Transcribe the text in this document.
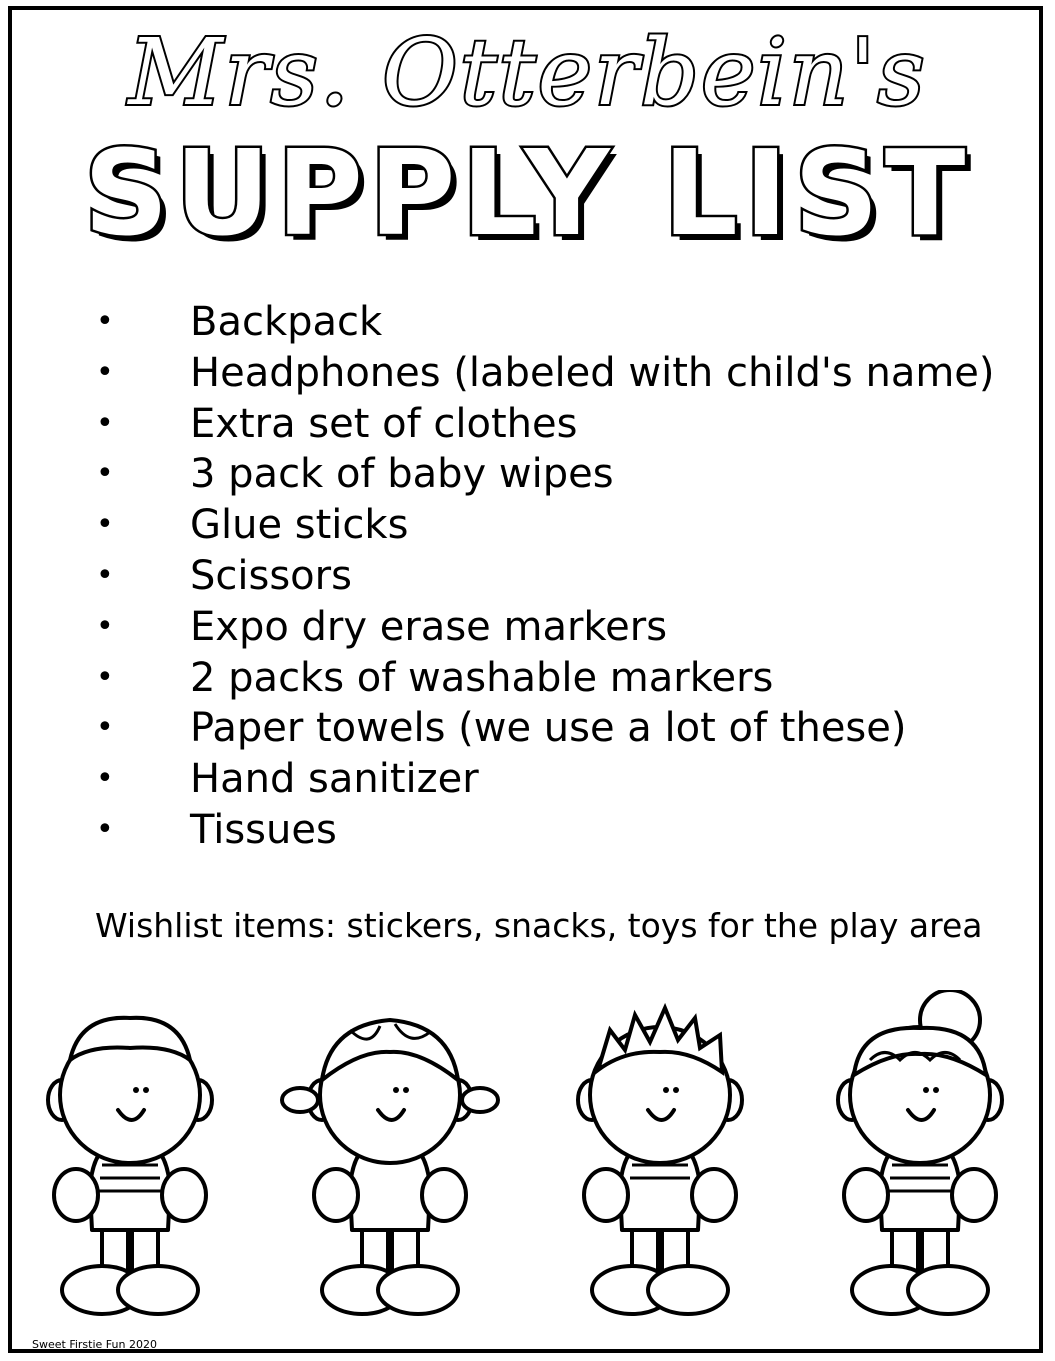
Mrs. Otterbein's
SUPPLY LIST
• Backpack
• Headphones (labeled with child's name)
• Extra set of clothes
• 3 pack of baby wipes
• Glue sticks
• Scissors
• Expo dry erase markers
• 2 packs of washable markers
• Paper towels (we use a lot of these)
• Hand sanitizer
• Tissues
Wishlist items: stickers, snacks, toys for the play area
Sweet Firstie Fun 2020
